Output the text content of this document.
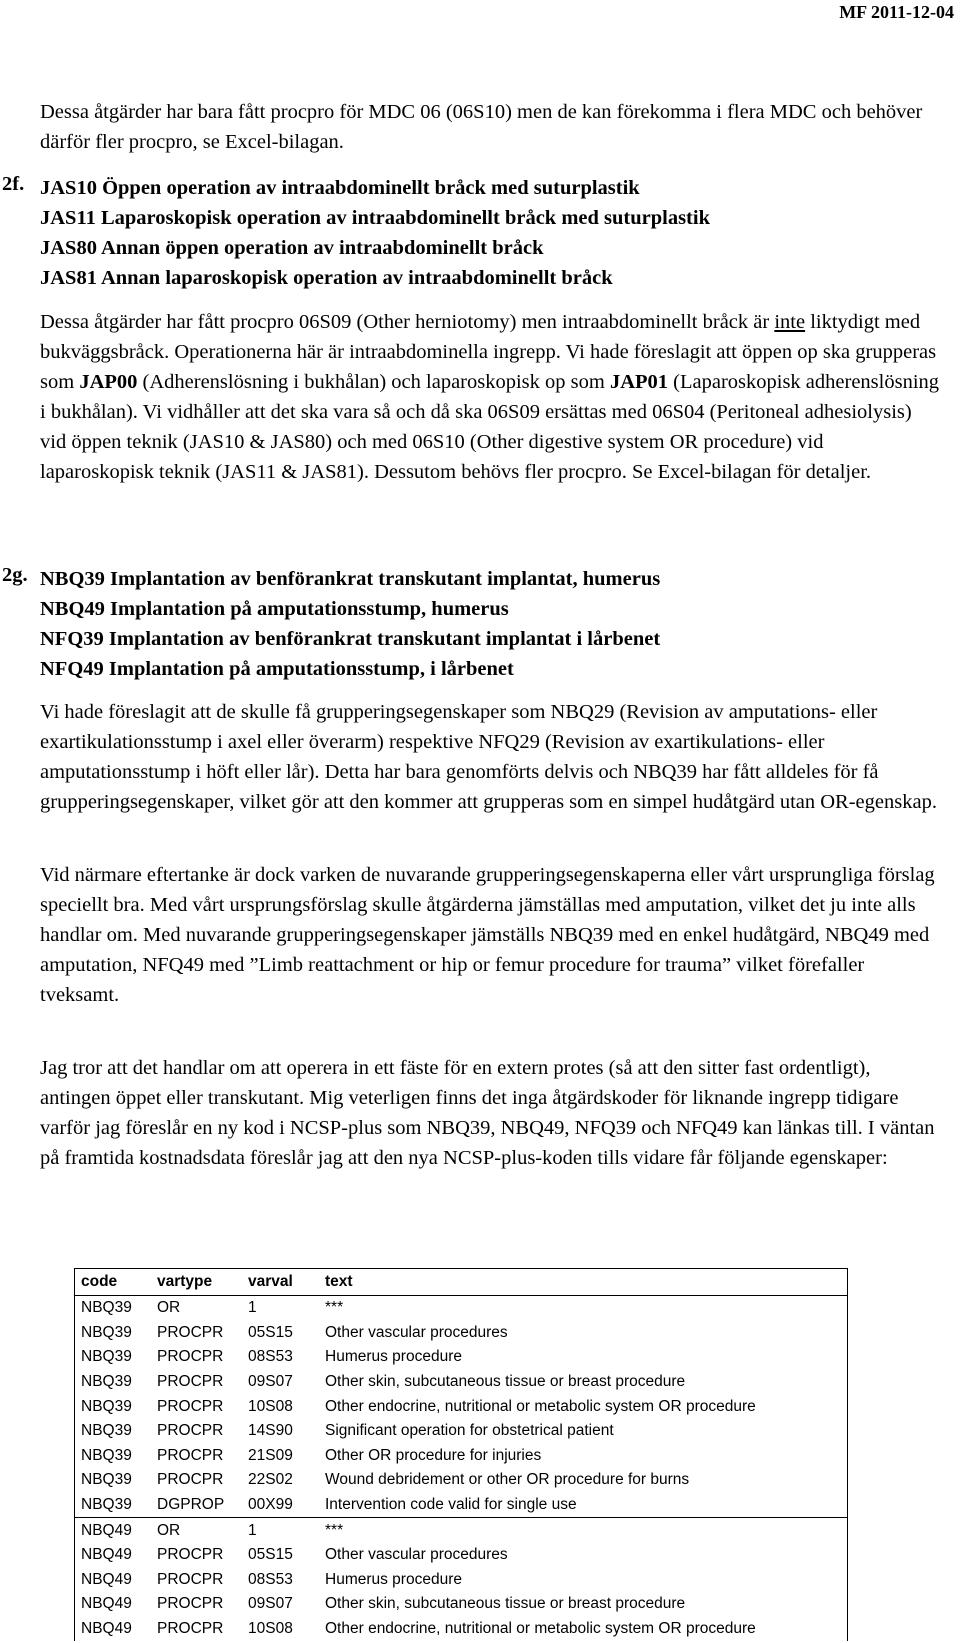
MF 2011-12-04
Dessa åtgärder har bara fått procpro för MDC 06 (06S10) men de kan förekomma i flera MDC och behöver därför fler procpro, se Excel-bilagan.
2f. JAS10 Öppen operation av intraabdominellt bråck med suturplastik
JAS11 Laparoskopisk operation av intraabdominellt bråck med suturplastik
JAS80 Annan öppen operation av intraabdominellt bråck
JAS81 Annan laparoskopisk operation av intraabdominellt bråck
Dessa åtgärder har fått procpro 06S09 (Other herniotomy) men intraabdominellt bråck är inte liktydigt med bukväggsbråck. Operationerna här är intraabdominella ingrepp. Vi hade föreslagit att öppen op ska grupperas som JAP00 (Adherenslösning i bukhålan) och laparoskopisk op som JAP01 (Laparoskopisk adherenslösning i bukhålan). Vi vidhåller att det ska vara så och då ska 06S09 ersättas med 06S04 (Peritoneal adhesiolysis) vid öppen teknik (JAS10 & JAS80) och med 06S10 (Other digestive system OR procedure) vid laparoskopisk teknik (JAS11 & JAS81). Dessutom behövs fler procpro. Se Excel-bilagan för detaljer.
2g. NBQ39 Implantation av benförankrat transkutant implantat, humerus
NBQ49 Implantation på amputationsstump, humerus
NFQ39 Implantation av benförankrat transkutant implantat i lårbenet
NFQ49 Implantation på amputationsstump, i lårbenet
Vi hade föreslagit att de skulle få grupperingsegenskaper som NBQ29 (Revision av amputations- eller exartikulationsstump i axel eller överarm) respektive NFQ29 (Revision av exartikulations- eller amputationsstump i höft eller lår). Detta har bara genomförts delvis och NBQ39 har fått alldeles för få grupperingsegenskaper, vilket gör att den kommer att grupperas som en simpel hudåtgärd utan OR-egenskap.
Vid närmare eftertanke är dock varken de nuvarande grupperingsegenskaperna eller vårt ursprungliga förslag speciellt bra. Med vårt ursprungsförslag skulle åtgärderna jämställas med amputation, vilket det ju inte alls handlar om. Med nuvarande grupperingsegenskaper jämställs NBQ39 med en enkel hudåtgärd, NBQ49 med amputation, NFQ49 med ”Limb reattachment or hip or femur procedure for trauma” vilket förefaller tveksamt.
Jag tror att det handlar om att operera in ett fäste för en extern protes (så att den sitter fast ordentligt), antingen öppet eller transkutant. Mig veterligen finns det inga åtgärdskoder för liknande ingrepp tidigare varför jag föreslår en ny kod i NCSP-plus som NBQ39, NBQ49, NFQ39 och NFQ49 kan länkas till. I väntan på framtida kostnadsdata föreslår jag att den nya NCSP-plus-koden tills vidare får följande egenskaper:
code	vartype	varval	text
NBQ39	OR	1	***
NBQ39	PROCPR	05S15	Other vascular procedures
NBQ39	PROCPR	08S53	Humerus procedure
NBQ39	PROCPR	09S07	Other skin, subcutaneous tissue or breast procedure
NBQ39	PROCPR	10S08	Other endocrine, nutritional or metabolic system OR procedure
NBQ39	PROCPR	14S90	Significant operation for obstetrical patient
NBQ39	PROCPR	21S09	Other OR procedure for injuries
NBQ39	PROCPR	22S02	Wound debridement or other OR procedure for burns
NBQ39	DGPROP	00X99	Intervention code valid for single use
NBQ49	OR	1	***
NBQ49	PROCPR	05S15	Other vascular procedures
NBQ49	PROCPR	08S53	Humerus procedure
NBQ49	PROCPR	09S07	Other skin, subcutaneous tissue or breast procedure
NBQ49	PROCPR	10S08	Other endocrine, nutritional or metabolic system OR procedure
